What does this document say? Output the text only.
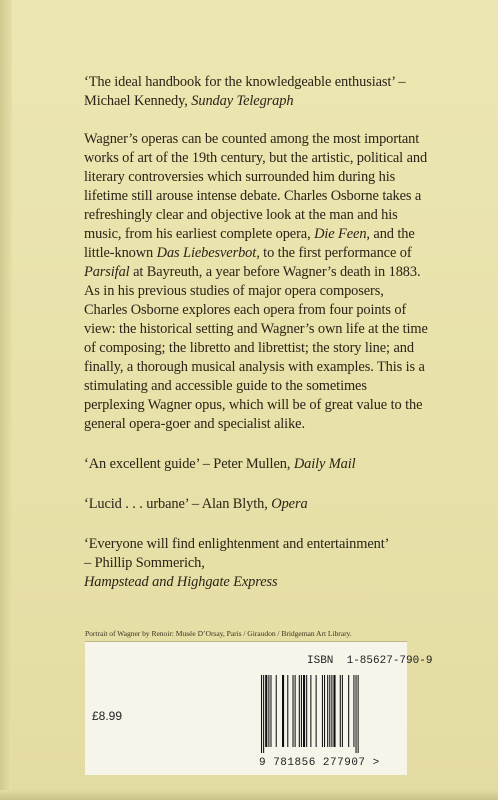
‘The ideal handbook for the knowledgeable enthusiast’ – Michael Kennedy, Sunday Telegraph

Wagner’s operas can be counted among the most important works of art of the 19th century, but the artistic, political and literary controversies which surrounded him during his lifetime still arouse intense debate. Charles Osborne takes a refreshingly clear and objective look at the man and his music, from his earliest complete opera, Die Feen, and the little-known Das Liebesverbot, to the first performance of Parsifal at Bayreuth, a year before Wagner’s death in 1883. As in his previous studies of major opera composers, Charles Osborne explores each opera from four points of view: the historical setting and Wagner’s own life at the time of composing; the libretto and librettist; the story line; and finally, a thorough musical analysis with examples. This is a stimulating and accessible guide to the sometimes perplexing Wagner opus, which will be of great value to the general opera-goer and specialist alike.

‘An excellent guide’ – Peter Mullen, Daily Mail

‘Lucid . . . urbane’ – Alan Blyth, Opera

‘Everyone will find enlightenment and entertainment’
– Phillip Sommerich,
Hampstead and Highgate Express

Portrait of Wagner by Renoir: Musée D’Orsay, Paris / Giraudon / Bridgeman Art Library.
ISBN  1-85627-790-9
£8.99
9 781856 277907 >
